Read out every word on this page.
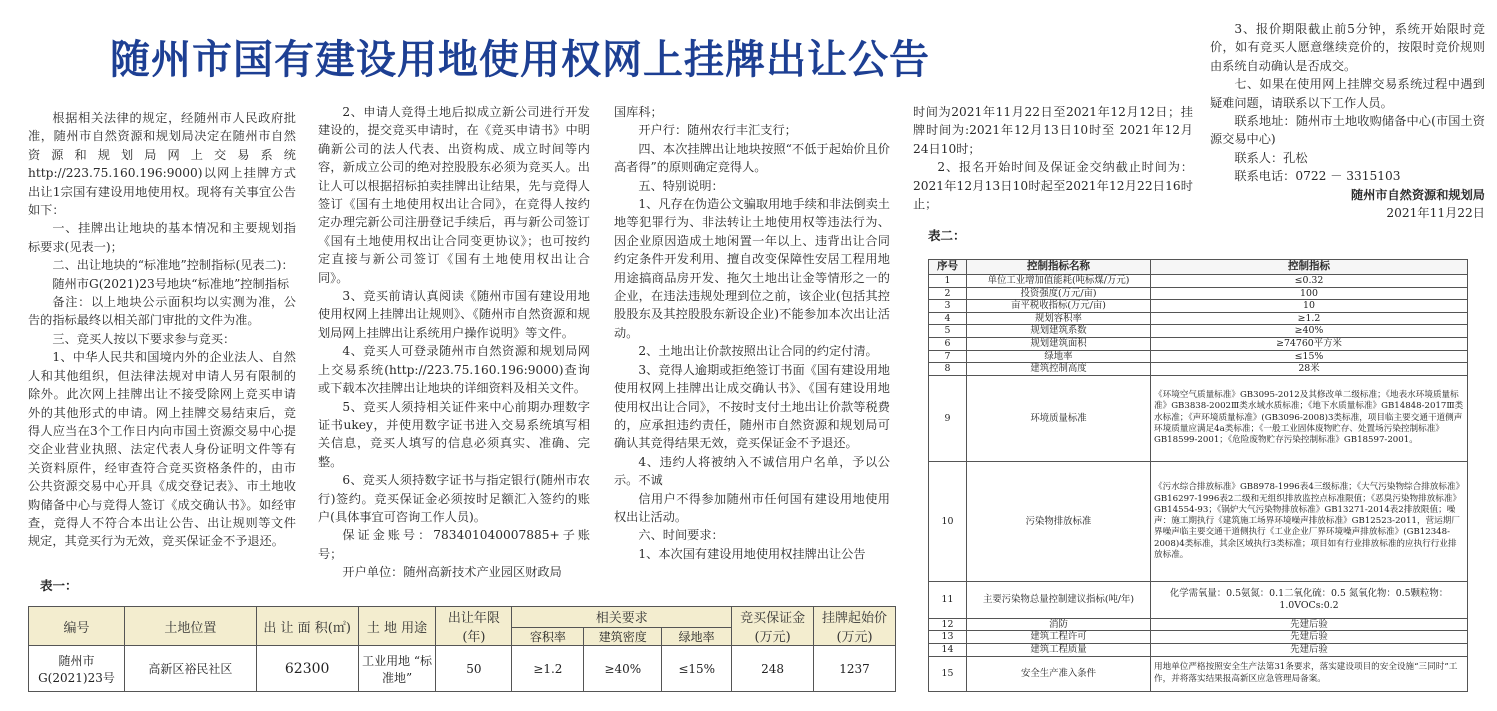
随州市国有建设用地使用权网上挂牌出让公告

根据相关法律的规定，经随州市人民政府批准，随州市自然资源和规划局决定在随州市自然资源和规划局网上交易系统http://223.75.160.196:9000)以网上挂牌方式出让1宗国有建设用地使用权。现将有关事宜公告如下：

一、挂牌出让地块的基本情况和主要规划指标要求(见表一)；

二、出让地块的“标准地”控制指标(见表二)：

随州市G(2021)23号地块“标准地”控制指标

备注：以上地块公示面积均以实测为准，公告的指标最终以相关部门审批的文件为准。

三、竞买人按以下要求参与竞买：

1、中华人民共和国境内外的企业法人、自然人和其他组织，但法律法规对申请人另有限制的除外。此次网上挂牌出让不接受除网上竞买申请外的其他形式的申请。网上挂牌交易结束后，竞得人应当在3个工作日内向市国土资源交易中心提交企业营业执照、法定代表人身份证明文件等有关资料原件，经审查符合竞买资格条件的，由市公共资源交易中心开具《成交登记表》、市土地收购储备中心与竞得人签订《成交确认书》。如经审查，竞得人不符合本出让公告、出让规则等文件规定，其竞买行为无效，竞买保证金不予退还。

2、申请人竞得土地后拟成立新公司进行开发建设的，提交竞买申请时，在《竞买申请书》中明确新公司的法人代表、出资构成、成立时间等内容，新成立公司的绝对控股股东必须为竞买人。出让人可以根据招标拍卖挂牌出让结果，先与竞得人签订《国有土地使用权出让合同》，在竞得人按约定办理完新公司注册登记手续后，再与新公司签订《国有土地使用权出让合同变更协议》；也可按约定直接与新公司签订《国有土地使用权出让合同》。

3、竞买前请认真阅读《随州市国有建设用地使用权网上挂牌出让规则》、《随州市自然资源和规划局网上挂牌出让系统用户操作说明》等文件。

4、竞买人可登录随州市自然资源和规划局网上交易系统(http://223.75.160.196:9000)查询或下载本次挂牌出让地块的详细资料及相关文件。

5、竞买人须持相关证件来中心前期办理数字证书ukey，并使用数字证书进入交易系统填写相关信息，竞买人填写的信息必须真实、准确、完整。

6、竞买人须持数字证书与指定银行(随州市农行)签约。竞买保证金必须按时足额汇入签约的账户(具体事宜可咨询工作人员)。

保证金账号：783401040007885+子账号；

开户单位：随州高新技术产业园区财政局

国库科；

开户行：随州农行丰汇支行；

四、本次挂牌出让地块按照“不低于起始价且价高者得”的原则确定竞得人。

五、特别说明：

1、凡存在伪造公文骗取用地手续和非法倒卖土地等犯罪行为、非法转让土地使用权等违法行为、因企业原因造成土地闲置一年以上、违背出让合同约定条件开发利用、擅自改变保障性安居工程用地用途搞商品房开发、拖欠土地出让金等情形之一的企业，在违法违规处理到位之前，该企业(包括其控股股东及其控股股东新设企业)不能参加本次出让活动。

2、土地出让价款按照出让合同的约定付清。

3、竞得人逾期或拒绝签订书面《国有建设用地使用权网上挂牌出让成交确认书》、《国有建设用地使用权出让合同》，不按时支付土地出让价款等税费的，应承担违约责任，随州市自然资源和规划局可确认其竞得结果无效，竞买保证金不予退还。

4、违约人将被纳入不诚信用户名单，予以公示。不诚

信用户不得参加随州市任何国有建设用地使用权出让活动。

六、时间要求：

1、本次国有建设用地使用权挂牌出让公告

时间为2021年11月22日至2021年12月12日；挂牌时间为:2021年12月13日10时至 2021年12月24日10时；

2、报名开始时间及保证金交纳截止时间为：2021年12月13日10时起至2021年12月22日16时止；

3、报价期限截止前5分钟，系统开始限时竞价，如有竞买人愿意继续竞价的，按限时竞价规则由系统自动确认是否成交。

七、如果在使用网上挂牌交易系统过程中遇到疑难问题，请联系以下工作人员。

联系地址：随州市土地收购储备中心(市国土资源交易中心)

联系人：孔松

联系电话：0722 － 3315103

随州市自然资源和规划局

2021年11月22日

表一：
编号	土地位置	出 让 面 积(㎡)	土 地 用途	出让年限 (年)	相关要求			竞买保证金 (万元)	挂牌起始价 (万元)
					容积率	建筑密度	绿地率		
随州市G(2021)23号	高新区裕民社区	62300	工业用地 “标准地”	50	≥1.2	≥40%	≤15%	248	1237
表二：
序号	控制指标名称	控制指标
1	单位工业增加值能耗(吨标煤/万元)	≤0.32
2	投资强度(万元/亩)	100
3	亩平税收指标(万元/亩)	10
4	规划容积率	≥1.2
5	规划建筑系数	≥40%
6	规划建筑面积	≥74760平方米
7	绿地率	≤15%
8	建筑控制高度	28米
9	环境质量标准	《环境空气质量标准》GB3095-2012及其修改单二级标准；《地表水环境质量标准》GB3838-2002Ⅲ类水域水质标准；《地下水质量标准》GB14848-2017Ⅲ类水标准；《声环境质量标准》(GB3096-2008)3类标准，项目临主要交通干道侧声环境质量应满足4a类标准；《一般工业固体废物贮存、处置场污染控制标准》GB18599-2001；《危险废物贮存污染控制标准》GB18597-2001。
10	污染物排放标准	《污水综合排放标准》GB8978-1996表4三级标准；《大气污染物综合排放标准》GB16297-1996表2二级和无组织排放监控点标准限值；《恶臭污染物排放标准》GB14554-93；《锅炉大气污染物排放标准》GB13271-2014表2排放限值；噪声：施工期执行《建筑施工场界环境噪声排放标准》GB12523-2011，营运期厂界噪声临主要交通干道侧执行《工业企业厂界环境噪声排放标准》(GB12348-2008)4类标准，其余区域执行3类标准；项目如有行业排放标准的应执行行业排放标准。
11	主要污染物总量控制建议指标(吨/年)	化学需氧量：0.5氨氮：0.1二氧化硫：0.5 氮氧化物：0.5颗粒物：1.0VOCs:0.2
12	消防	先建后验
13	建筑工程许可	先建后验
14	建筑工程质量	先建后验
15	安全生产准入条件	用地单位严格按照安全生产法第31条要求，落实建设项目的安全设施“三同时”工作，并将落实结果报高新区应急管理局备案。
